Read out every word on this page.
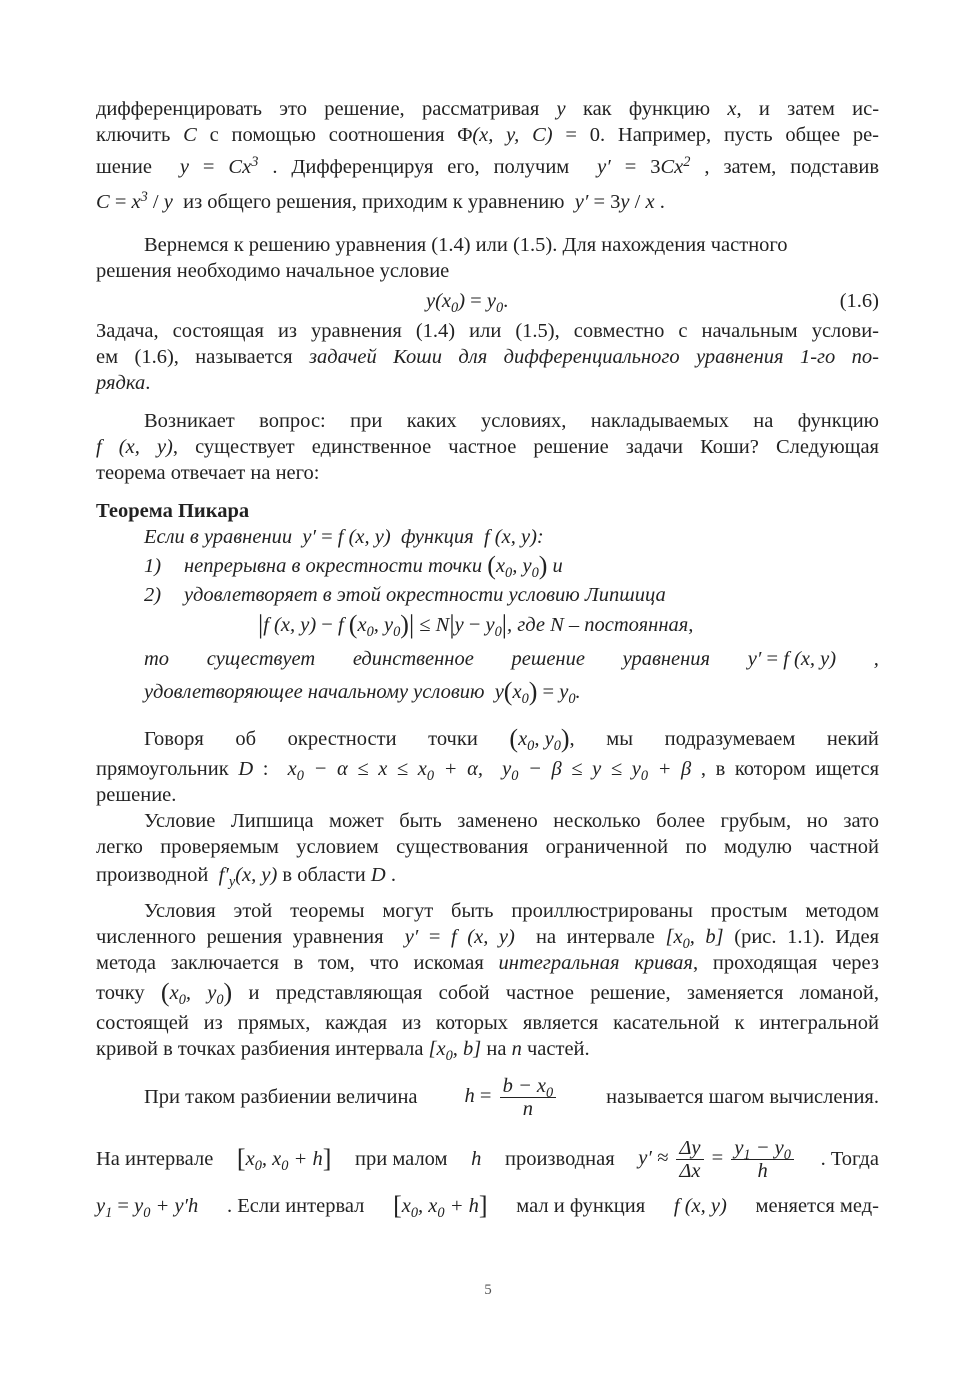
дифференцировать это решение, рассматривая y как функцию x, и затем ис-

ключить C с помощью соотношения Φ(x, y, C) = 0. Например, пусть общее ре-

шение $y = Cx^3$ . Дифференцируя его, получим $y' = 3Cx^2$ , затем, подставив

$C = x^3 / y$ из общего решения, приходим к уравнению y′ = 3y / x .

Вернемся к решению уравнения (1.4) или (1.5). Для нахождения частного

решения необходимо начальное условие

$y(x_0) = y_0$.	(1.6)

Задача, состоящая из уравнения (1.4) или (1.5), совместно с начальным услови-

ем (1.6), называется задачей Коши для дифференциального уравнения 1-го по-

рядка.

Возникает вопрос: при каких условиях, накладываемых на функцию

f (x, y), существует единственное частное решение задачи Коши? Следующая

теорема отвечает на него:

Теорема Пикара
Если в уравнении y′ = f (x, y) функция f (x, y):
1) непрерывна в окрестности точки ($x_0$, $y_0$) и
2) удовлетворяет в этой окрестности условию Липшица
|f (x, y) − f ($x_0$, $y_0)| \le N|y - y_0|$, где N – постоянная,
то существует единственное решение уравнения y′ = f (x, y) ,
удовлетворяющее начальному условию $y(x_0) = y_0$.
Говоря об окрестности точки ($x_0$, $y_0$), мы подразумеваем некий

прямоугольник D :  $x_0 - \alpha \le x \le x_0 + \alpha$,  $y_0 - \beta \le y \le y_0 + \beta$ , в котором ищется

решение.

Условие Липшица может быть заменено несколько более грубым, но зато

легко проверяемым условием существования ограниченной по модулю частной

производной $f'_y(x$, y) в области D .

Условия этой теоремы могут быть проиллюстрированы простым методом

численного решения уравнения y′ = f (x, y) на интервале [$x_0$, b] (рис. 1.1). Идея

метода заключается в том, что искомая интегральная кривая, проходящая через

точку ($x_0$, $y_0$) и представляющая собой частное решение, заменяется ломаной,

состоящей из прямых, каждая из которых является касательной к интегральной

кривой в точках разбиения интервала [$x_0$, b] на n частей.

При таком разбиении величина $h = \frac{b - x_0}{n}$ называется шагом вычисления.
На интервале [$x_0$, $x_0 + h$] при малом h производная $y' \approx \frac{\Delta y}{\Delta x} = \frac{y_1 - y_0}{h}$ . Тогда
$y_1 = y_0 + y'h$ . Если интервал [$x_0$, $x_0 + h$] мал и функция f (x, y) меняется мед-
5
